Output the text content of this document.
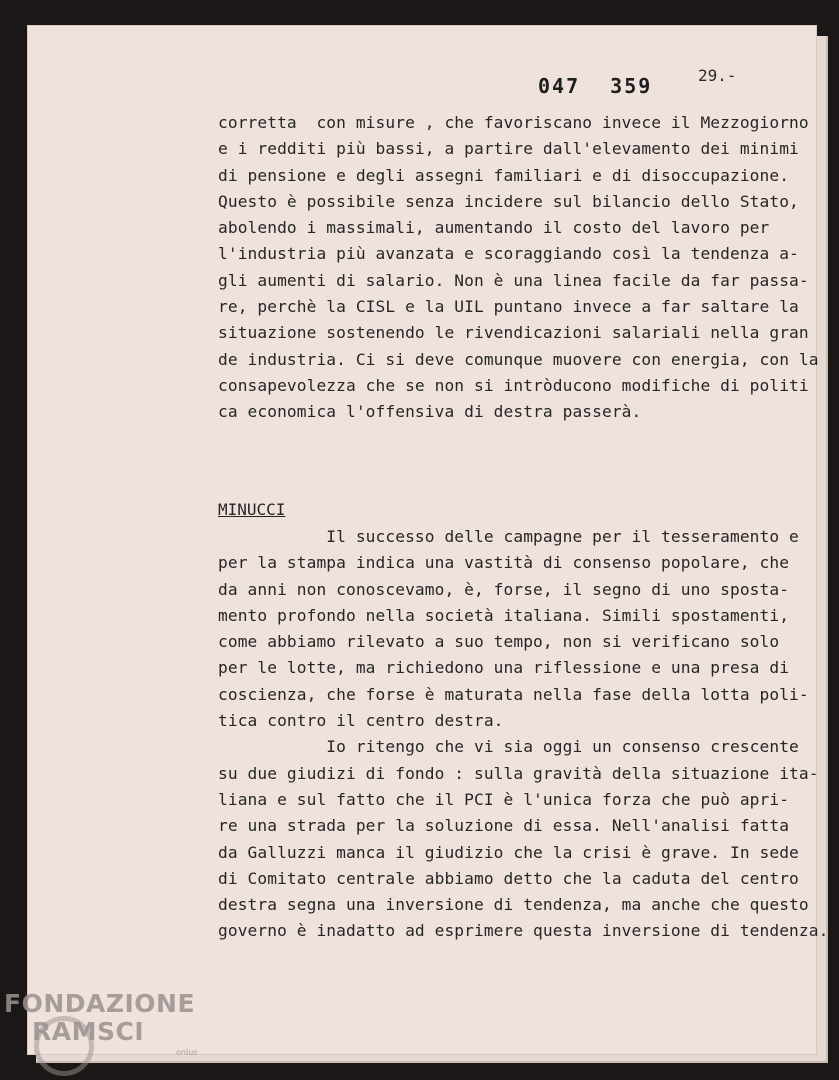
047 359	29.-
corretta  con misure , che favoriscano invece il Mezzogiorno
e i redditi più bassi, a partire dall'elevamento dei minimi
di pensione e degli assegni familiari e di disoccupazione.
Questo è possibile senza incidere sul bilancio dello Stato,
abolendo i massimali, aumentando il costo del lavoro per
l'industria più avanzata e scoraggiando così la tendenza a-
gli aumenti di salario. Non è una linea facile da far passa-
re, perchè la CISL e la UIL puntano invece a far saltare la
situazione sostenendo le rivendicazioni salariali nella gran
de industria. Ci si deve comunque muovere con energia, con la
consapevolezza che se non si intròducono modifiche di politi
ca economica l'offensiva di destra passerà.
MINUCCI
Il successo delle campagne per il tesseramento e
per la stampa indica una vastità di consenso popolare, che
da anni non conoscevamo, è, forse, il segno di uno sposta-
mento profondo nella società italiana. Simili spostamenti,
come abbiamo rilevato a suo tempo, non si verificano solo
per le lotte, ma richiedono una riflessione e una presa di
coscienza, che forse è maturata nella fase della lotta poli-
tica contro il centro destra.
Io ritengo che vi sia oggi un consenso crescente
su due giudizi di fondo : sulla gravità della situazione ita-
liana e sul fatto che il PCI è l'unica forza che può apri-
re una strada per la soluzione di essa. Nell'analisi fatta
da Galluzzi manca il giudizio che la crisi è grave. In sede
di Comitato centrale abbiamo detto che la caduta del centro
destra segna una inversione di tendenza, ma anche che questo
governo è inadatto ad esprimere questa inversione di tendenza.
FONDAZIONE
RAMSCI
onlus
